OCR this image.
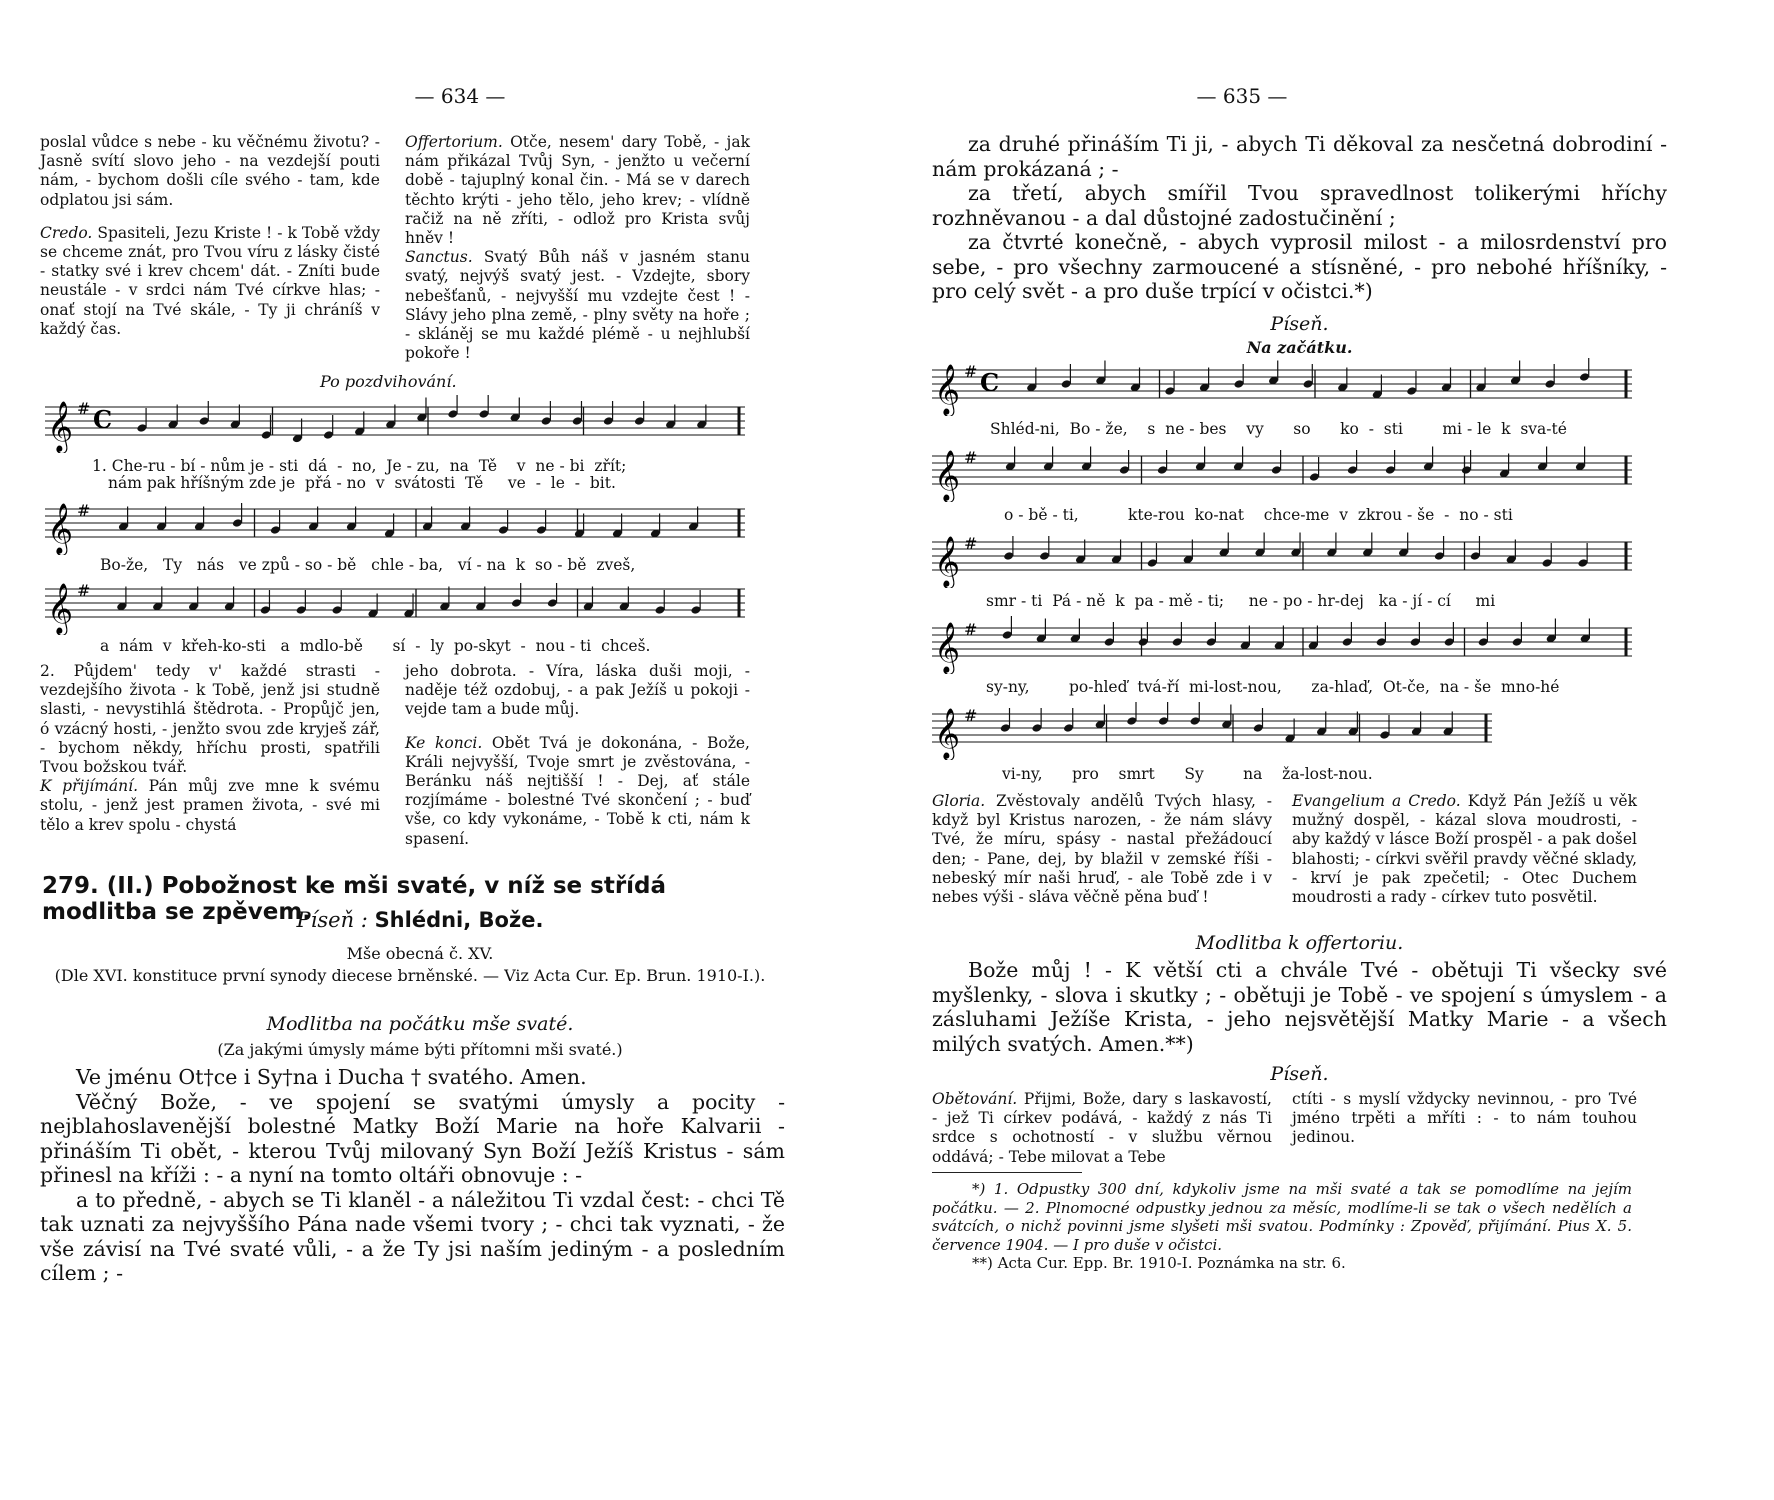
— 634 —

poslal vůdce s nebe - ku věčnému životu? - Jasně svítí slovo jeho - na vezdejší pouti nám, - bychom došli cíle svého - tam, kde odplatou jsi sám.

Credo. Spasiteli, Jezu Kriste ! - k Tobě vždy se chceme znát, pro Tvou víru z lásky čisté - statky své i krev chcem' dát. - Zníti bude neustále - v srdci nám Tvé církve hlas; - onať stojí na Tvé skále, - Ty ji chráníš v každý čas.

Offertorium. Otče, nesem' dary Tobě, - jak nám přikázal Tvůj Syn, - jenžto u večerní době - tajuplný konal čin. - Má se v darech těchto krýti - jeho tělo, jeho krev; - vlídně račiž na ně zříti, - odlož pro Krista svůj hněv !

Sanctus. Svatý Bůh náš v jasném stanu svatý, nejvýš svatý jest. - Vzdejte, sbory nebešťanů, - nejvyšší mu vzdejte čest ! - Slávy jeho plna země, - plny světy na hoře ; - skláněj se mu každé plémě - u nejhlubší pokoře !

Po pozdvihování.
𝄞 # C
1. Che-ru - bí - nům je - sti  dá  -  no,  Je - zu,  na  Tě    v  ne - bi  zřít;
nám pak hříšným zde je  přá - no  v  svátosti  Tě     ve  -  le  -  bit.
𝄞 #
Bo-že,   Ty   nás   ve způ - so - bě   chle - ba,   ví - na  k  so - bě  zveš,
𝄞 #
a  nám  v  křeh-ko-sti   a  mdlo-bě      sí  -  ly  po-skyt  -  nou - ti  chceš.

2. Půjdem' tedy v' každé strasti - vezdejšího života - k Tobě, jenž jsi studně slasti, - nevystihlá štědrota. - Propůjč jen, ó vzácný hosti, - jenžto svou zde kryješ zář, - bychom někdy, hříchu prosti, spatřili Tvou božskou tvář.

K přijímání. Pán můj zve mne k svému stolu, - jenž jest pramen života, - své mi tělo a krev spolu - chystá

jeho dobrota. - Víra, láska duši moji, - naděje též ozdobuj, - a pak Ježíš u pokoji - vejde tam a bude můj.

Ke konci. Obět Tvá je dokonána, - Bože, Králi nejvyšší, Tvoje smrt je zvěstována, - Beránku náš nejtišší ! - Dej, ať stále rozjímáme - bolestné Tvé skončení ; - buď vše, co kdy vykonáme, - Tobě k cti, nám k spasení.

279. (II.) Pobožnost ke mši svaté, v níž se střídá modlitba se zpěvem.
Píseň : Shlédni, Bože.
Mše obecná č. XV.
(Dle XVI. konstituce první synody diecese brněnské. — Viz Acta Cur. Ep. Brun. 1910-I.).
Modlitba na počátku mše svaté.
(Za jakými úmysly máme býti přítomni mši svaté.)

Ve jménu Ot†ce i Sy†na i Ducha † svatého. Amen.

Věčný Bože, - ve spojení se svatými úmysly a pocity - nejblahoslavenější bolestné Matky Boží Marie na hoře Kalvarii - přináším Ti obět, - kterou Tvůj milovaný Syn Boží Ježíš Kristus - sám přinesl na kříži : - a nyní na tomto oltáři obnovuje : -

a to předně, - abych se Ti klaněl - a náležitou Ti vzdal čest: - chci Tě tak uznati za nejvyššího Pána nade všemi tvory ; - chci tak vyznati, - že vše závisí na Tvé svaté vůli, - a že Ty jsi naším jediným - a posledním cílem ; -

— 635 —

za druhé přináším Ti ji, - abych Ti děkoval za nesčetná dobrodiní - nám prokázaná ; -

za třetí, abych smířil Tvou spravedlnost tolikerými hříchy rozhněvanou - a dal důstojné zadostučinění ;

za čtvrté konečně, - abych vyprosil milost - a milosrdenství pro sebe, - pro všechny zarmoucené a stísněné, - pro nebohé hříšníky, - pro celý svět - a pro duše trpící v očistci.*)

Píseň.
Na začátku.
𝄞 # C
Shléd-ni,  Bo - že,    s  ne - bes    vy      so      ko  -  sti        mi - le  k  sva-té
𝄞 #
o - bě - ti,          kte-rou  ko-nat    chce-me  v  zkrou - še  -  no - sti
𝄞 #
smr - ti  Pá - ně  k  pa - mě - ti;     ne - po - hr-dej   ka - jí - cí     mi
𝄞 #
sy-ny,        po-hleď  tvá-ří  mi-lost-nou,      za-hlaď,  Ot-če,  na - še  mno-hé
𝄞 #
vi-ny,      pro    smrt      Sy        na    ža-lost-nou.

Gloria. Zvěstovaly andělů Tvých hlasy, - když byl Kristus narozen, - že nám slávy Tvé, že míru, spásy - nastal přežádoucí den; - Pane, dej, by blažil v zemské říši - nebeský mír naši hruď, - ale Tobě zde i v nebes výši - sláva věčně pěna buď !

Evangelium a Credo. Když Pán Ježíš u věk mužný dospěl, - kázal slova moudrosti, - aby každý v lásce Boží prospěl - a pak došel blahosti; - církvi svěřil pravdy věčné sklady, - krví je pak zpečetil; - Otec Duchem moudrosti a rady - církev tuto posvětil.

Modlitba k offertoriu.

Bože můj ! - K větší cti a chvále Tvé - obětuji Ti všecky své myšlenky, - slova i skutky ; - obětuji je Tobě - ve spojení s úmyslem - a zásluhami Ježíše Krista, - jeho nejsvětější Matky Marie - a všech milých svatých. Amen.**)

Píseň.

Obětování. Přijmi, Bože, dary s laskavostí, - jež Ti církev podává, - každý z nás Ti srdce s ochotností - v službu věrnou oddává; - Tebe milovat a Tebe

ctíti - s myslí vždycky nevinnou, - pro Tvé jméno trpěti a mříti : - to nám touhou jedinou.

*) 1. Odpustky 300 dní, kdykoliv jsme na mši svaté a tak se pomodlíme na jejím počátku. — 2. Plnomocné odpustky jednou za měsíc, modlíme-li se tak o všech nedělích a svátcích, o nichž povinni jsme slyšeti mši svatou. Podmínky : Zpověď, přijímání. Pius X. 5. července 1904. — I pro duše v očistci.

**) Acta Cur. Epp. Br. 1910-I. Poznámka na str. 6.
